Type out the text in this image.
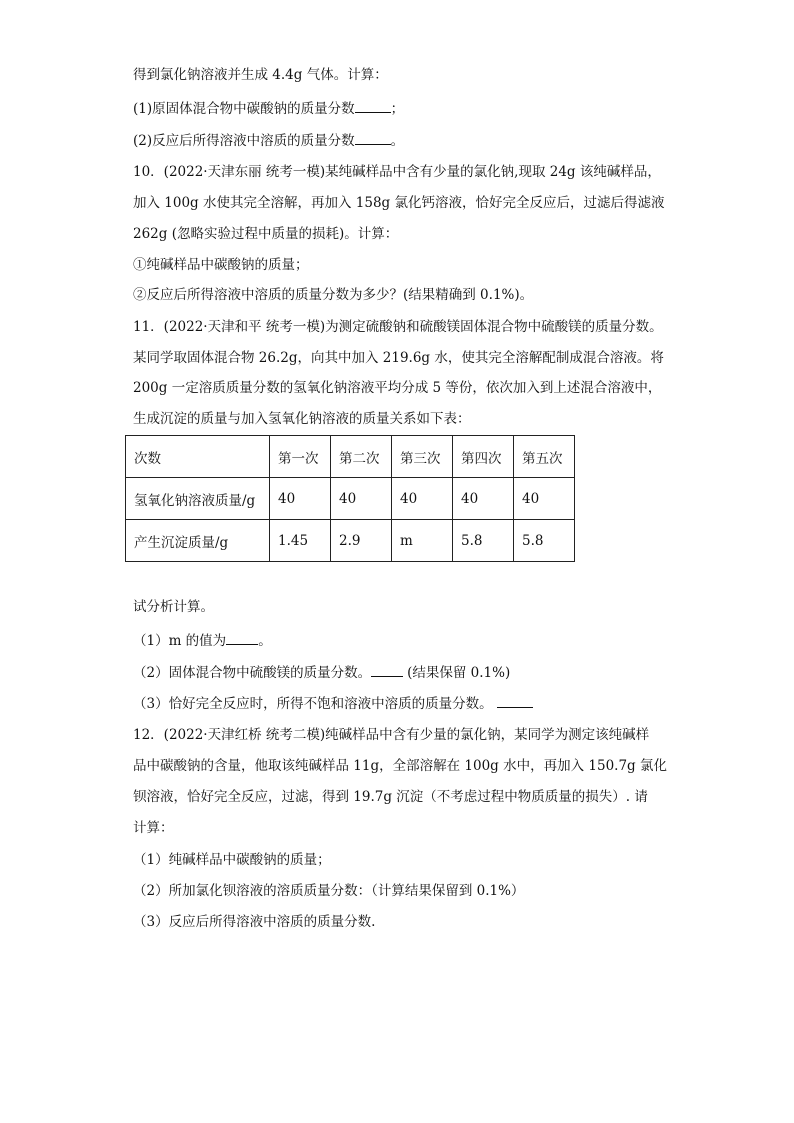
得到氯化钠溶液并生成 4.4g 气体。计算：
(1)原固体混合物中碳酸钠的质量分数	；
(2)反应后所得溶液中溶质的质量分数	。
10．(2022·天津东丽 统考一模)某纯碱样品中含有少量的氯化钠,现取 24g 该纯碱样品，
加入 100g 水使其完全溶解，再加入 158g 氯化钙溶液，恰好完全反应后，过滤后得滤液
262g (忽略实验过程中质量的损耗)。计算：
①纯碱样品中碳酸钠的质量；
②反应后所得溶液中溶质的质量分数为多少？(结果精确到 0.1%)。
11．(2022·天津和平 统考一模)为测定硫酸钠和硫酸镁固体混合物中硫酸镁的质量分数。
某同学取固体混合物 26.2g，向其中加入 219.6g 水，使其完全溶解配制成混合溶液。将
200g 一定溶质质量分数的氢氧化钠溶液平均分成 5 等份，依次加入到上述混合溶液中，
生成沉淀的质量与加入氢氧化钠溶液的质量关系如下表：
次数	第一次	第二次	第三次	第四次	第五次
氢氧化钠溶液质量/g	40	40	40	40	40
产生沉淀质量/g	1.45	2.9	m	5.8	5.8
试分析计算。
（1）m 的值为 。
（2）固体混合物中硫酸镁的质量分数。	(结果保留 0.1%)
（3）恰好完全反应时，所得不饱和溶液中溶质的质量分数。
12．(2022·天津红桥 统考二模)纯碱样品中含有少量的氯化钠，某同学为测定该纯碱样
品中碳酸钠的含量，他取该纯碱样品 11g，全部溶解在 100g 水中，再加入 150.7g 氯化
钡溶液，恰好完全反应，过滤，得到 19.7g 沉淀（不考虑过程中物质质量的损失）. 请
计算：
（1）纯碱样品中碳酸钠的质量；
（2）所加氯化钡溶液的溶质质量分数：（计算结果保留到 0.1%）
（3）反应后所得溶液中溶质的质量分数.
